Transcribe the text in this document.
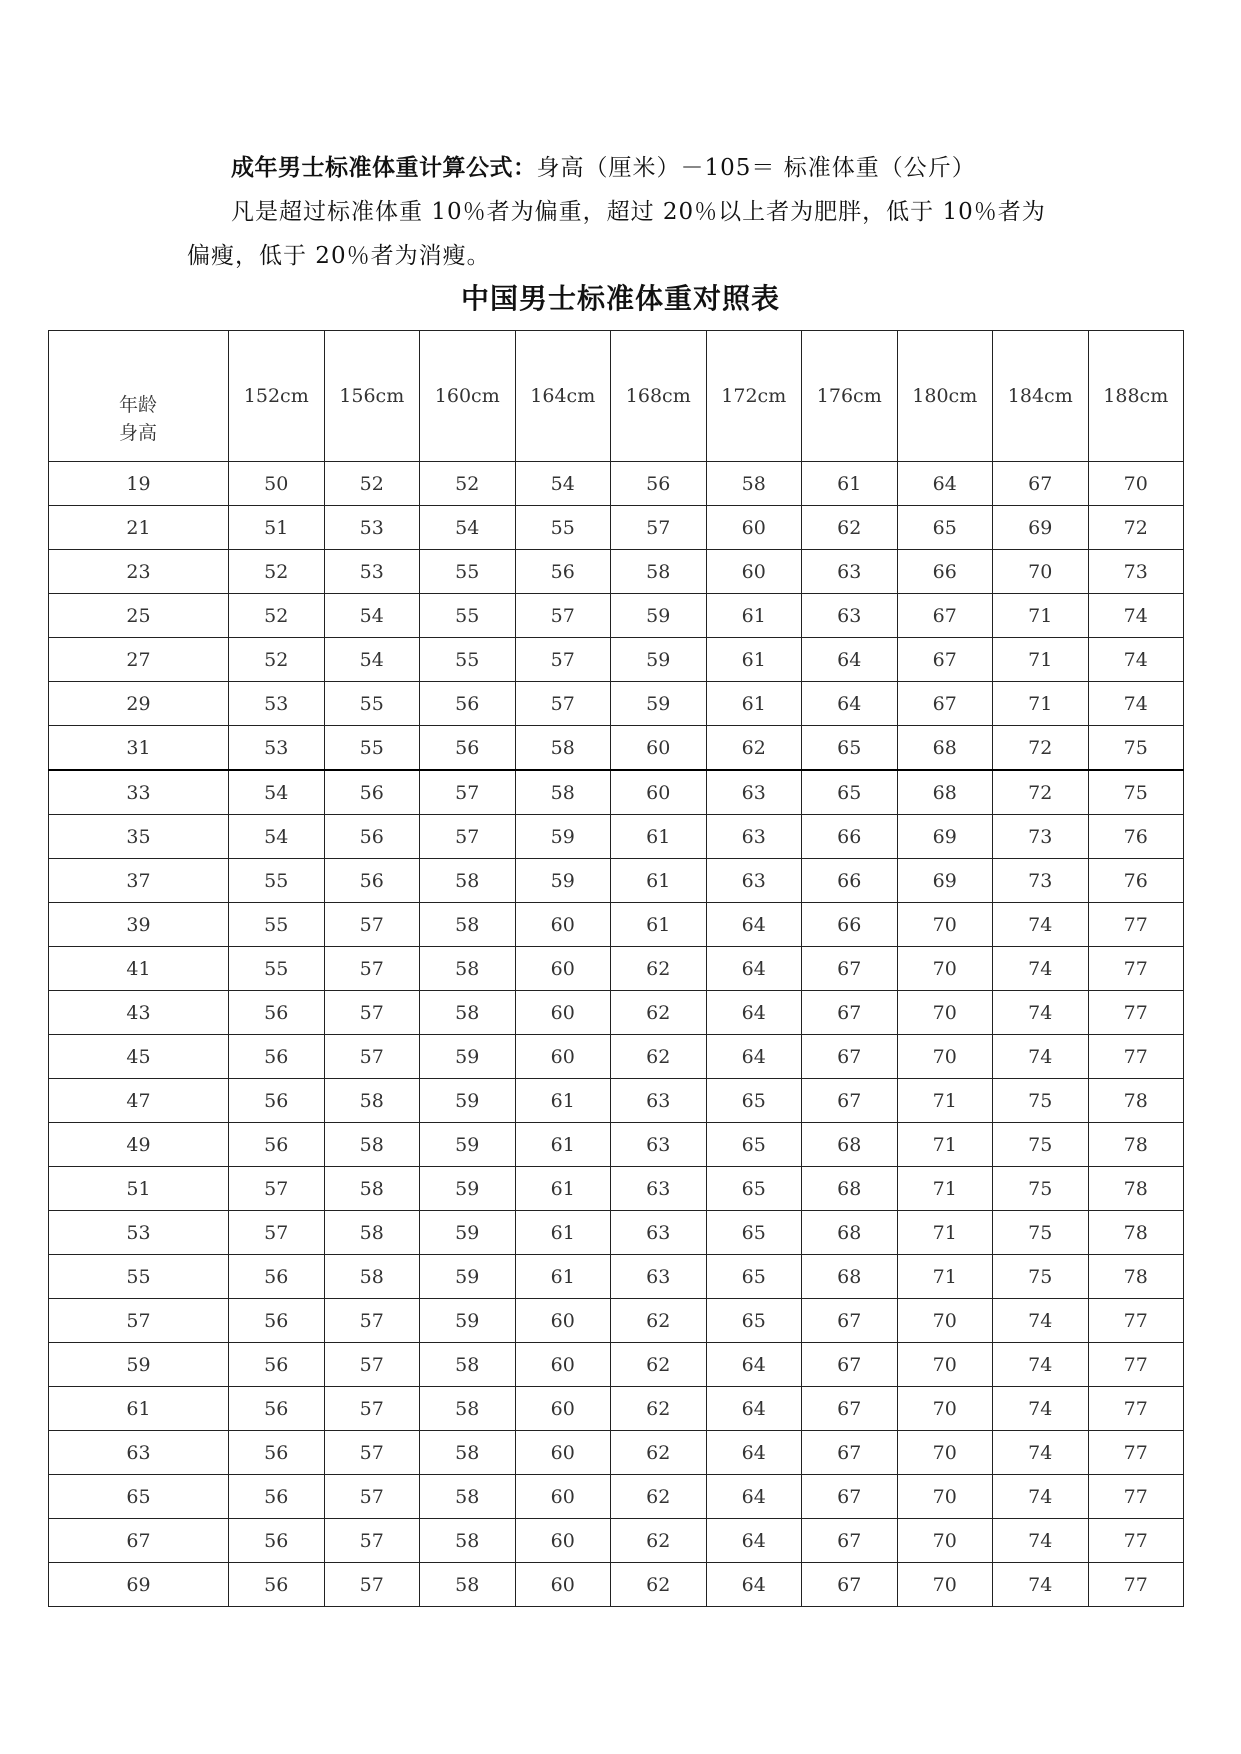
成年男士标准体重计算公式：身高（厘米）－105＝ 标准体重（公斤）
凡是超过标准体重 10％者为偏重，超过 20％以上者为肥胖，低于 10％者为
偏瘦，低于 20％者为消瘦。
中国男士标准体重对照表
年龄
身高	152cm	156cm	160cm	164cm	168cm	172cm	176cm	180cm	184cm	188cm
19	50	52	52	54	56	58	61	64	67	70
21	51	53	54	55	57	60	62	65	69	72
23	52	53	55	56	58	60	63	66	70	73
25	52	54	55	57	59	61	63	67	71	74
27	52	54	55	57	59	61	64	67	71	74
29	53	55	56	57	59	61	64	67	71	74
31	53	55	56	58	60	62	65	68	72	75
33	54	56	57	58	60	63	65	68	72	75
35	54	56	57	59	61	63	66	69	73	76
37	55	56	58	59	61	63	66	69	73	76
39	55	57	58	60	61	64	66	70	74	77
41	55	57	58	60	62	64	67	70	74	77
43	56	57	58	60	62	64	67	70	74	77
45	56	57	59	60	62	64	67	70	74	77
47	56	58	59	61	63	65	67	71	75	78
49	56	58	59	61	63	65	68	71	75	78
51	57	58	59	61	63	65	68	71	75	78
53	57	58	59	61	63	65	68	71	75	78
55	56	58	59	61	63	65	68	71	75	78
57	56	57	59	60	62	65	67	70	74	77
59	56	57	58	60	62	64	67	70	74	77
61	56	57	58	60	62	64	67	70	74	77
63	56	57	58	60	62	64	67	70	74	77
65	56	57	58	60	62	64	67	70	74	77
67	56	57	58	60	62	64	67	70	74	77
69	56	57	58	60	62	64	67	70	74	77
